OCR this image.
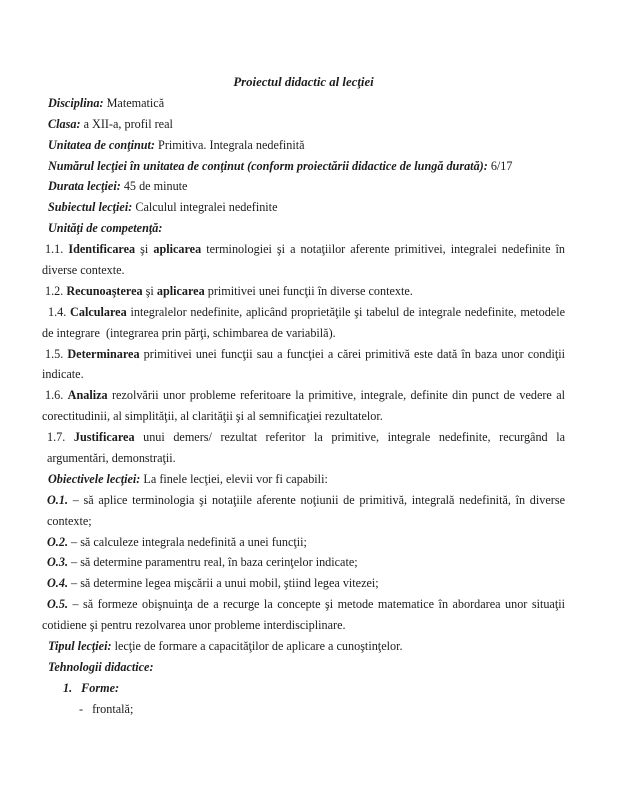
Proiectul didactic al lecţiei
Disciplina: Matematică
Clasa: a XII-a, profil real
Unitatea de conţinut: Primitiva. Integrala nedefinită
Numărul lecţiei în unitatea de conţinut (conform proiectării didactice de lungă durată): 6/17
Durata lecţiei: 45 de minute
Subiectul lecţiei: Calculul integralei nedefinite
Unităţi de competenţă:
1.1. Identificarea şi aplicarea terminologiei şi a notaţiilor aferente primitivei, integralei nedefinite în
diverse contexte.
1.2. Recunoaşterea şi aplicarea primitivei unei funcţii în diverse contexte.
1.4. Calcularea integralelor nedefinite, aplicând proprietăţile şi tabelul de integrale nedefinite, metodele
de integrare  (integrarea prin părţi, schimbarea de variabilă).
1.5. Determinarea primitivei unei funcţii sau a funcţiei a cărei primitivă este dată în baza unor condiţii
indicate.
1.6. Analiza rezolvării unor probleme referitoare la primitive, integrale, definite din punct de vedere al
corectitudinii, al simplităţii, al clarităţii şi al semnificaţiei rezultatelor.
1.7. Justificarea unui demers/ rezultat referitor la primitive, integrale nedefinite, recurgând la
argumentări, demonstraţii.
Obiectivele lecţiei: La finele lecţiei, elevii vor fi capabili:
O.1. – să aplice terminologia şi notaţiile aferente noţiunii de primitivă, integrală nedefinită, în diverse
contexte;
O.2. – să calculeze integrala nedefinită a unei funcţii;
O.3. – să determine paramentru real, în baza cerinţelor indicate;
O.4. – să determine legea mişcării a unui mobil, ştiind legea vitezei;
O.5. – să formeze obişnuinţa de a recurge la concepte şi metode matematice în abordarea unor situaţii
cotidiene şi pentru rezolvarea unor probleme interdisciplinare.
Tipul lecţiei: lecţie de formare a capacităţilor de aplicare a cunoştinţelor.
Tehnologii didactice:
1. Forme:
- frontală;
